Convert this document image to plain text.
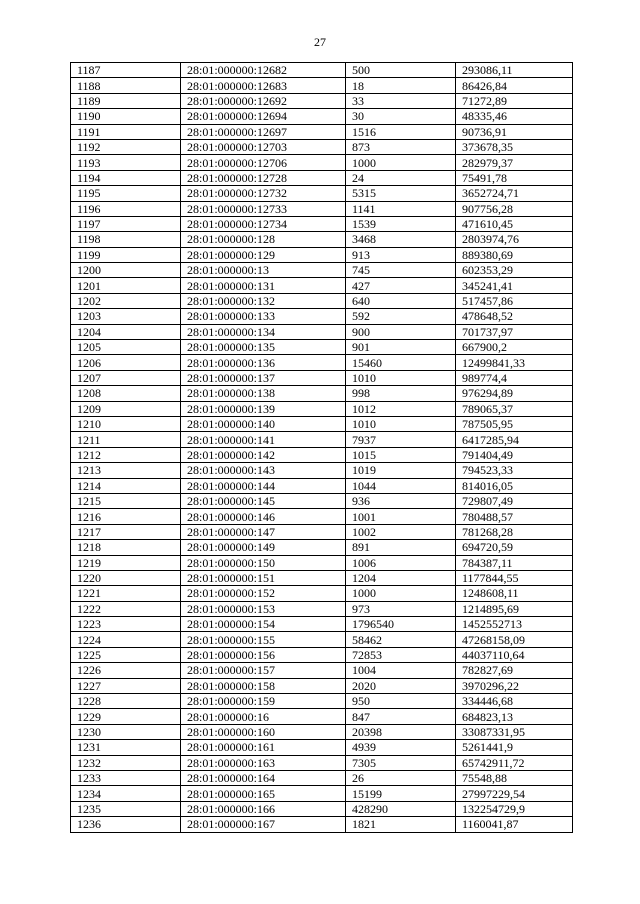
27
1187	28:01:000000:12682	500	293086,11
1188	28:01:000000:12683	18	86426,84
1189	28:01:000000:12692	33	71272,89
1190	28:01:000000:12694	30	48335,46
1191	28:01:000000:12697	1516	90736,91
1192	28:01:000000:12703	873	373678,35
1193	28:01:000000:12706	1000	282979,37
1194	28:01:000000:12728	24	75491,78
1195	28:01:000000:12732	5315	3652724,71
1196	28:01:000000:12733	1141	907756,28
1197	28:01:000000:12734	1539	471610,45
1198	28:01:000000:128	3468	2803974,76
1199	28:01:000000:129	913	889380,69
1200	28:01:000000:13	745	602353,29
1201	28:01:000000:131	427	345241,41
1202	28:01:000000:132	640	517457,86
1203	28:01:000000:133	592	478648,52
1204	28:01:000000:134	900	701737,97
1205	28:01:000000:135	901	667900,2
1206	28:01:000000:136	15460	12499841,33
1207	28:01:000000:137	1010	989774,4
1208	28:01:000000:138	998	976294,89
1209	28:01:000000:139	1012	789065,37
1210	28:01:000000:140	1010	787505,95
1211	28:01:000000:141	7937	6417285,94
1212	28:01:000000:142	1015	791404,49
1213	28:01:000000:143	1019	794523,33
1214	28:01:000000:144	1044	814016,05
1215	28:01:000000:145	936	729807,49
1216	28:01:000000:146	1001	780488,57
1217	28:01:000000:147	1002	781268,28
1218	28:01:000000:149	891	694720,59
1219	28:01:000000:150	1006	784387,11
1220	28:01:000000:151	1204	1177844,55
1221	28:01:000000:152	1000	1248608,11
1222	28:01:000000:153	973	1214895,69
1223	28:01:000000:154	1796540	1452552713
1224	28:01:000000:155	58462	47268158,09
1225	28:01:000000:156	72853	44037110,64
1226	28:01:000000:157	1004	782827,69
1227	28:01:000000:158	2020	3970296,22
1228	28:01:000000:159	950	334446,68
1229	28:01:000000:16	847	684823,13
1230	28:01:000000:160	20398	33087331,95
1231	28:01:000000:161	4939	5261441,9
1232	28:01:000000:163	7305	65742911,72
1233	28:01:000000:164	26	75548,88
1234	28:01:000000:165	15199	27997229,54
1235	28:01:000000:166	428290	132254729,9
1236	28:01:000000:167	1821	1160041,87
